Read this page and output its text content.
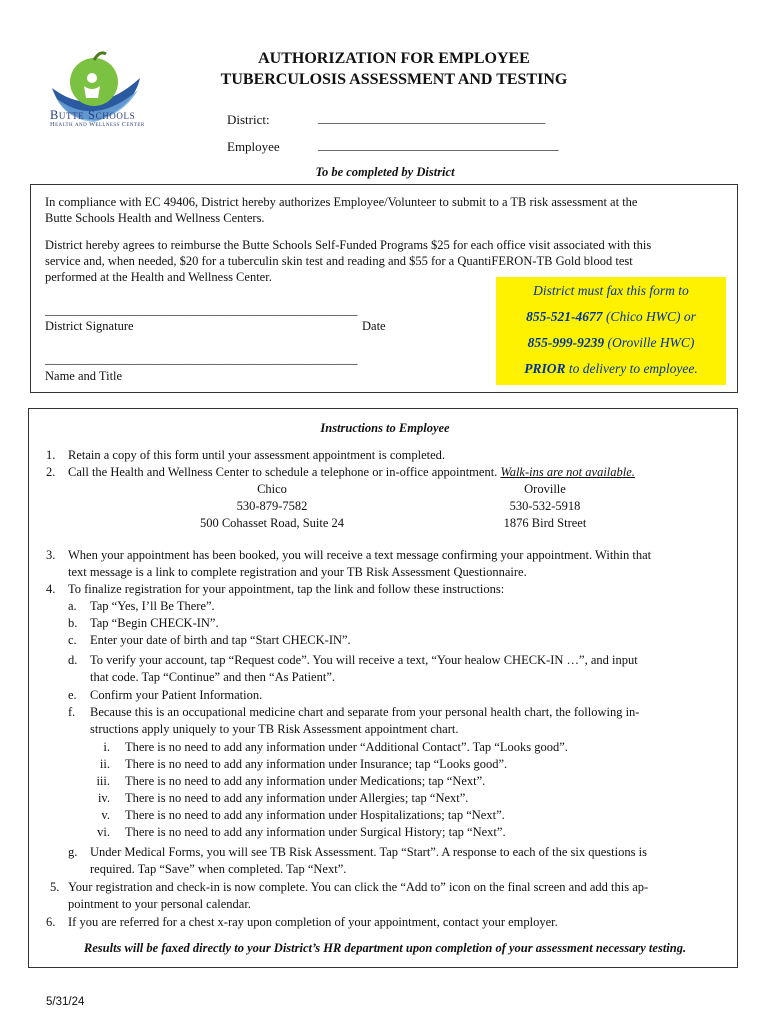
Butte Schools
Health and Wellness Center
AUTHORIZATION FOR EMPLOYEE
TUBERCULOSIS ASSESSMENT AND TESTING
District:	___________________________________
Employee	_____________________________________
To be completed by District
In compliance with EC 49406, District hereby authorizes Employee/Volunteer to submit to a TB risk assessment at the
Butte Schools Health and Wellness Centers.
District hereby agrees to reimburse the Butte Schools Self-Funded Programs $25 for each office visit associated with this
service and, when needed, $20 for a tuberculin skin test and reading and $55 for a QuantiFERON-TB Gold blood test
performed at the Health and Wellness Center.
__________________________________________________
District Signature	Date
__________________________________________________
Name and Title
District must fax this form to
855-521-4677 (Chico HWC) or
855-999-9239 (Oroville HWC)
PRIOR to delivery to employee.
Instructions to Employee
1. Retain a copy of this form until your assessment appointment is completed.
2. Call the Health and Wellness Center to schedule a telephone or in-office appointment. Walk-ins are not available.
Chico
530-879-7582
500 Cohasset Road, Suite 24
Oroville
530-532-5918
1876 Bird Street
3. When your appointment has been booked, you will receive a text message confirming your appointment. Within that
text message is a link to complete registration and your TB Risk Assessment Questionnaire.
4. To finalize registration for your appointment, tap the link and follow these instructions:
a. Tap “Yes, I’ll Be There”.
b. Tap “Begin CHECK-IN”.
c. Enter your date of birth and tap “Start CHECK-IN”.
d. To verify your account, tap “Request code”. You will receive a text, “Your healow CHECK-IN …”, and input
that code. Tap “Continue” and then “As Patient”.
e. Confirm your Patient Information.
f. Because this is an occupational medicine chart and separate from your personal health chart, the following in-
structions apply uniquely to your TB Risk Assessment appointment chart.
i. There is no need to add any information under “Additional Contact”. Tap “Looks good”.
ii. There is no need to add any information under Insurance; tap “Looks good”.
iii. There is no need to add any information under Medications; tap “Next”.
iv. There is no need to add any information under Allergies; tap “Next”.
v. There is no need to add any information under Hospitalizations; tap “Next”.
vi. There is no need to add any information under Surgical History; tap “Next”.
g. Under Medical Forms, you will see TB Risk Assessment. Tap “Start”. A response to each of the six questions is
required. Tap “Save” when completed. Tap “Next”.
5. Your registration and check-in is now complete. You can click the “Add to” icon on the final screen and add this ap-
pointment to your personal calendar.
6. If you are referred for a chest x-ray upon completion of your appointment, contact your employer.
Results will be faxed directly to your District’s HR department upon completion of your assessment necessary testing.
5/31/24
